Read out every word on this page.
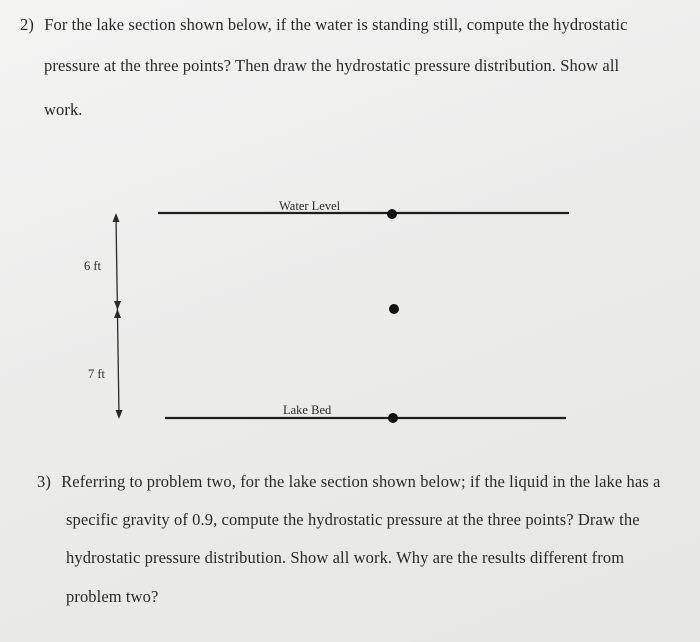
2) For the lake section shown below, if the water is standing still, compute the hydrostatic
pressure at the three points? Then draw the hydrostatic pressure distribution. Show all
work.
Water Level
Lake Bed
6 ft
7 ft
3) Referring to problem two, for the lake section shown below; if the liquid in the lake has a
specific gravity of 0.9, compute the hydrostatic pressure at the three points? Draw the
hydrostatic pressure distribution. Show all work. Why are the results different from
problem two?
